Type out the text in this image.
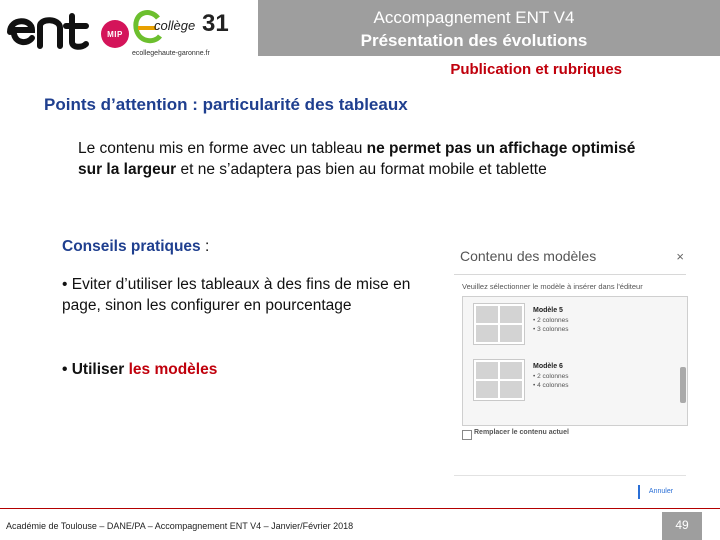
MIP
collège 31
ecollegehaute-garonne.fr
Accompagnement ENT V4
Présentation des évolutions
Publication et rubriques
Points d’attention : particularité des tableaux
Le contenu mis en forme avec un tableau ne permet pas un affichage optimisé sur la largeur et ne s’adaptera pas bien au format mobile et tablette
Conseils pratiques :
• Eviter d’utiliser les tableaux à des fins de mise en page, sinon les configurer en pourcentage
• Utiliser les modèles
Contenu des modèles	×
Veuillez sélectionner le modèle à insérer dans l'éditeur
Modèle 5
• 2 colonnes
• 3 colonnes
Modèle 6
• 2 colonnes
• 4 colonnes
Remplacer le contenu actuel
Annuler
Académie de Toulouse – DANE/PA – Accompagnement ENT V4 – Janvier/Février 2018	49
